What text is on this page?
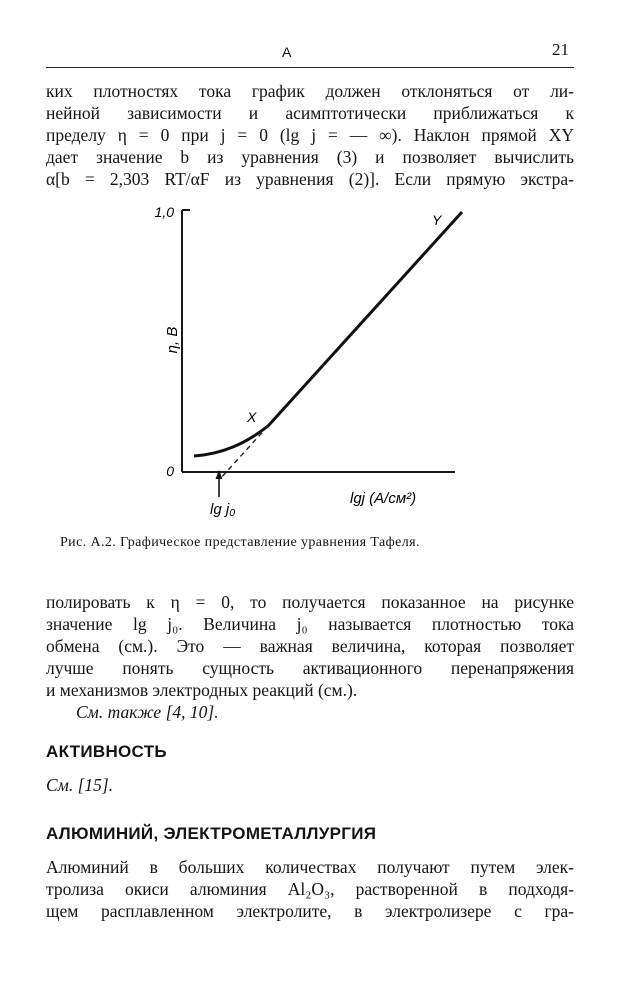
А	21
ких плотностях тока график должен отклоняться от ли-
нейной зависимости и асимптотически приближаться к
пределу η = 0 при j = 0 (lg j = — ∞). Наклон прямой XY
дает значение b из уравнения (3) и позволяет вычислить
α[b = 2,303 RT/αF из уравнения (2)]. Если прямую экстра-
1,0
0
η, В
lgj (A/см²)
X
Y
lg j₀
Рис. А.2. Графическое представление уравнения Тафеля.
полировать к η = 0, то получается показанное на рисунке
значение lg j₀. Величина j₀ называется плотностью тока
обмена (см.). Это — важная величина, которая позволяет
лучше понять сущность активационного перенапряжения
и механизмов электродных реакций (см.).
См. также [4, 10].
АКТИВНОСТЬ
См. [15].
АЛЮМИНИЙ, ЭЛЕКТРОМЕТАЛЛУРГИЯ
Алюминий в больших количествах получают путем элек-
тролиза окиси алюминия Al₂O₃, растворенной в подходя-
щем расплавленном электролите, в электролизере с гра-
